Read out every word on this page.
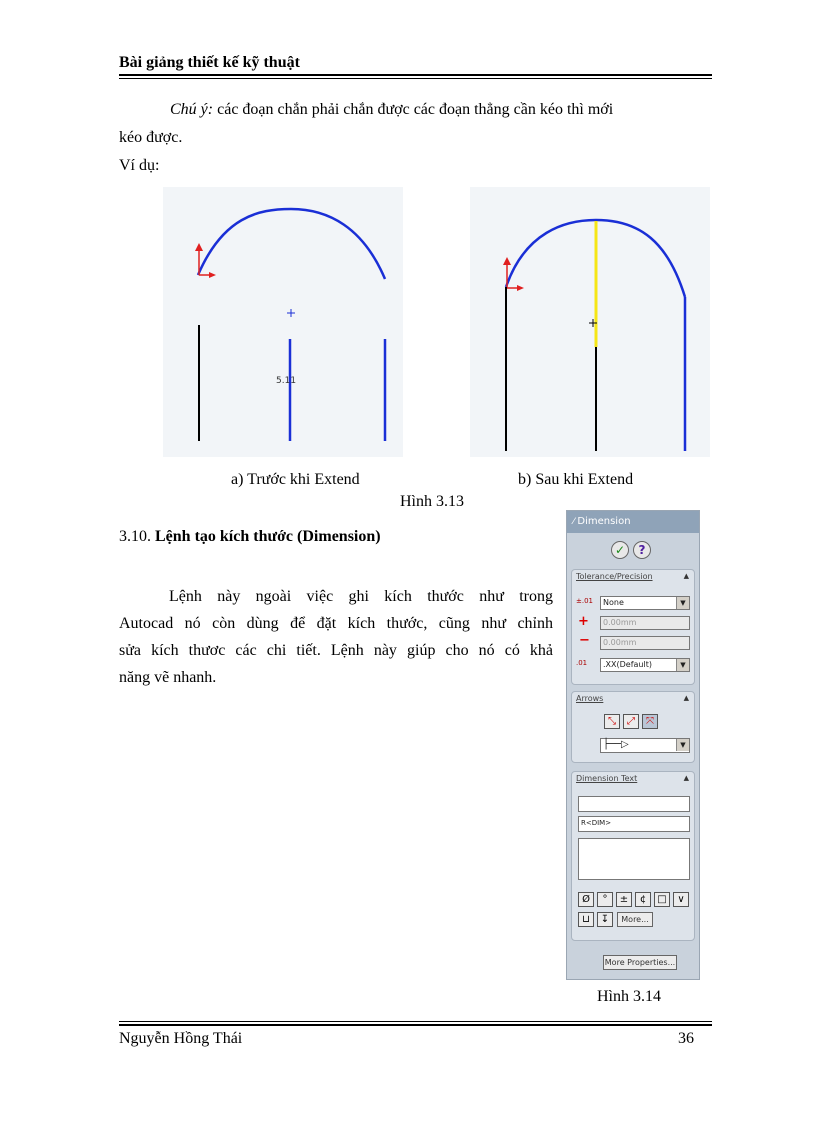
Bài giảng thiết kế kỹ thuật
Chú ý: các đoạn chắn phải chắn được các đoạn thẳng cần kéo thì mới
kéo được.
Ví dụ:
5.11
a) Trước khi Extend	b) Sau khi Extend
Hình 3.13
3.10. Lệnh tạo kích thước (Dimension)
Lệnh này ngoài việc ghi kích thước như trong
Autocad nó còn dùng để đặt kích thước, cũng như chỉnh
sửa kích thươc các chi tiết. Lệnh này giúp cho nó có khả
năng vẽ nhanh.
⁄ Dimension
✓	?
Tolerance/Precision	▲
±.01	None	▼
+	0.00mm
−	0.00mm
.01	.XX(Default)	▼
Arrows	▲
⤡	⤢	⤧
├──▷	▼
Dimension Text	▲
R<DIM>
Ø	°	±	¢	□	∨
⊔	↧	More...
More Properties...
Hình 3.14
Nguyễn Hồng Thái	36
